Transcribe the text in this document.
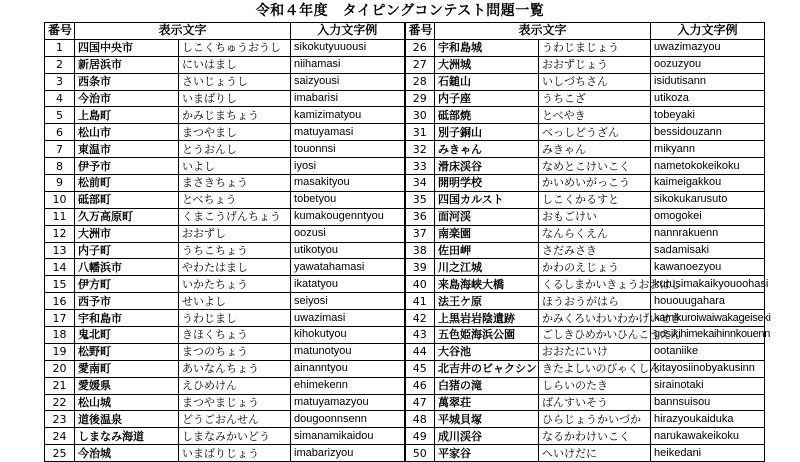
令和４年度　タイピングコンテスト問題一覧
番号	表示文字		入力文字例	番号	表示文字		入力文字例
1	四国中央市	しこくちゅうおうし	sikokutyuuousi	26	宇和島城	うわじまじょう	uwazimazyou
2	新居浜市	にいはまし	niihamasi	27	大洲城	おおずじょう	oozuzyou
3	西条市	さいじょうし	saizyousi	28	石鎚山	いしづちさん	isidutisann
4	今治市	いまばりし	imabarisi	29	内子座	うちこざ	utikoza
5	上島町	かみじまちょう	kamizimatyou	30	砥部焼	とべやき	tobeyaki
6	松山市	まつやまし	matuyamasi	31	別子銅山	べっしどうざん	bessidouzann
7	東温市	とうおんし	touonnsi	32	みきゃん	みきゃん	mikyann
8	伊予市	いよし	iyosi	33	滑床渓谷	なめとこけいこく	nametokokeikoku
9	松前町	まさきちょう	masakityou	34	開明学校	かいめいがっこう	kaimeigakkou
10	砥部町	とべちょう	tobetyou	35	四国カルスト	しこくかるすと	sikokukarusuto
11	久万高原町	くまこうげんちょう	kumakougenntyou	36	面河渓	おもごけい	omogokei
12	大洲市	おおずし	oozusi	37	南楽園	なんらくえん	nannrakuenn
13	内子町	うちこちょう	utikotyou	38	佐田岬	さだみさき	sadamisaki
14	八幡浜市	やわたはまし	yawatahamasi	39	川之江城	かわのえじょう	kawanoezyou
15	伊方町	いかたちょう	ikatatyou	40	来島海峡大橋	くるしまかいきょうおおはし	kurusimakaikyouoohasi
16	西予市	せいよし	seiyosi	41	法王ケ原	ほうおうがはら	hououugahara
17	宇和島市	うわじまし	uwazimasi	42	上黒岩岩陰遺跡	かみくろいわいわかげいせき	kamikuroiwaiwakageiseki
18	鬼北町	きほくちょう	kihokutyou	43	五色姫海浜公園	ごしきひめかいひんこうえん	gosikihimekaihinnkouenn
19	松野町	まつのちょう	matunotyou	44	大谷池	おおたにいけ	ootaniike
20	愛南町	あいなんちょう	ainanntyou	45	北吉井のビャクシン	きたよしいのびゃくしん	kitayosiinobyakusinn
21	愛媛県	えひめけん	ehimekenn	46	白猪の滝	しらいのたき	sirainotaki
22	松山城	まつやまじょう	matuyamazyou	47	萬翠荘	ばんすいそう	bannsuisou
23	道後温泉	どうごおんせん	dougoonnsenn	48	平城貝塚	ひらじょうかいづか	hirazyoukaiduka
24	しまなみ海道	しまなみかいどう	simanamikaidou	49	成川渓谷	なるかわけいこく	narukawakeikoku
25	今治城	いまばりじょう	imabarizyou	50	平家谷	へいけだに	heikedani
